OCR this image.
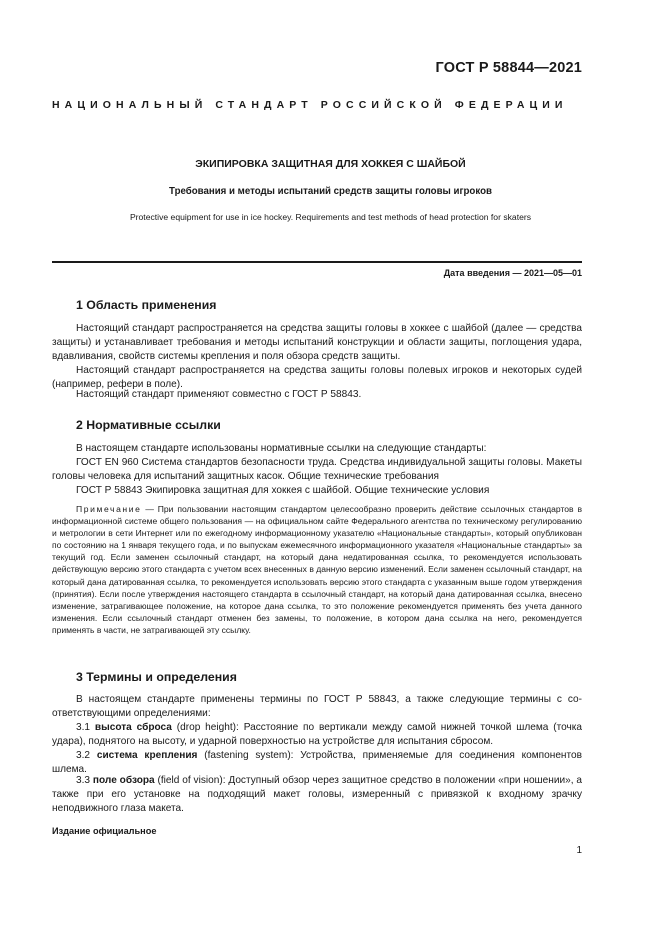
ГОСТ Р 58844—2021
НАЦИОНАЛЬНЫЙ СТАНДАРТ РОССИЙСКОЙ ФЕДЕРАЦИИ
ЭКИПИРОВКА ЗАЩИТНАЯ ДЛЯ ХОККЕЯ С ШАЙБОЙ
Требования и методы испытаний средств защиты головы игроков
Protective equipment for use in ice hockey. Requirements and test methods of head protection for skaters
Дата введения — 2021—05—01
1 Область применения
Настоящий стандарт распространяется на средства защиты головы в хоккее с шайбой (далее — средства защиты) и устанавливает требования и методы испытаний конструкции и области защиты, поглощения удара, вдавливания, свойств системы крепления и поля обзора средств защиты.
Настоящий стандарт распространяется на средства защиты головы полевых игроков и некоторых судей (например, рефери в поле).
Настоящий стандарт применяют совместно с ГОСТ Р 58843.
2 Нормативные ссылки
В настоящем стандарте использованы нормативные ссылки на следующие стандарты:
ГОСТ EN 960 Система стандартов безопасности труда. Средства индивидуальной защиты головы. Макеты головы человека для испытаний защитных касок. Общие технические требования
ГОСТ Р 58843 Экипировка защитная для хоккея с шайбой. Общие технические условия
Примечание — При пользовании настоящим стандартом целесообразно проверить действие ссылочных стандартов в информационной системе общего пользования — на официальном сайте Федерального агентства по техническому регулированию и метрологии в сети Интернет или по ежегодному информационному указателю «Национальные стандарты», который опубликован по состоянию на 1 января текущего года, и по выпускам ежемесячного информационного указателя «Национальные стандарты» за текущий год. Если заменен ссылочный стандарт, на который дана недатированная ссылка, то рекомендуется использовать действующую версию этого стандарта с учетом всех внесенных в данную версию изменений. Если заменен ссылочный стандарт, на который дана датированная ссылка, то рекомендуется использовать версию этого стандарта с указанным выше годом утверждения (принятия). Если после утверждения настоящего стандарта в ссылочный стандарт, на который дана датированная ссылка, внесено изменение, затрагивающее положение, на которое дана ссылка, то это положение рекомендуется применять без учета данного изменения. Если ссылочный стандарт отменен без замены, то положение, в котором дана ссылка на него, рекомендуется применять в части, не затрагивающей эту ссылку.
3 Термины и определения
В настоящем стандарте применены термины по ГОСТ Р 58843, а также следующие термины с со-ответствующими определениями:
3.1 высота сброса (drop height): Расстояние по вертикали между самой нижней точкой шлема (точка удара), поднятого на высоту, и ударной поверхностью на устройстве для испытания сбросом.
3.2 система крепления (fastening system): Устройства, применяемые для соединения компонентов шлема.
3.3 поле обзора (field of vision): Доступный обзор через защитное средство в положении «при ношении», а также при его установке на подходящий макет головы, измеренный с привязкой к входному зрачку неподвижного глаза макета.
Издание официальное
1
